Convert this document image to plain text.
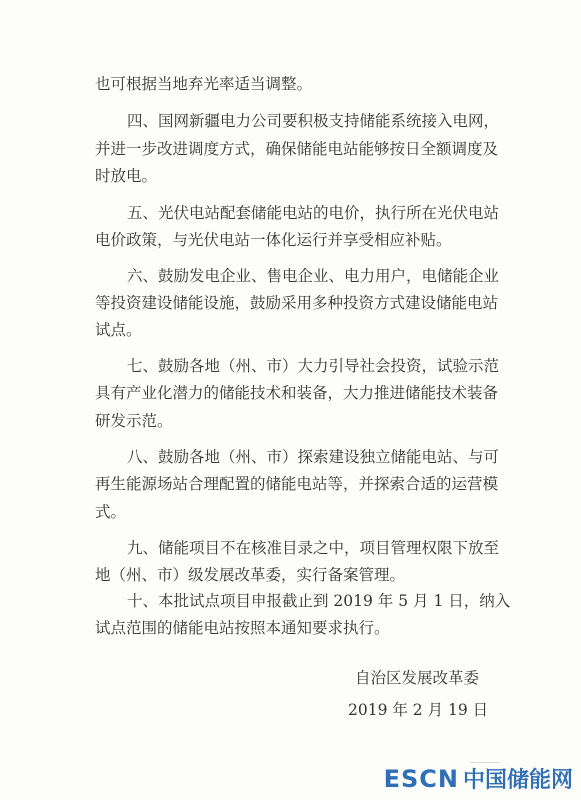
也可根据当地弃光率适当调整。
四、国网新疆电力公司要积极支持储能系统接入电网，
并进一步改进调度方式，确保储能电站能够按日全额调度及
时放电。
五、光伏电站配套储能电站的电价，执行所在光伏电站
电价政策，与光伏电站一体化运行并享受相应补贴。
六、鼓励发电企业、售电企业、电力用户，电储能企业
等投资建设储能设施，鼓励采用多种投资方式建设储能电站
试点。
七、鼓励各地（州、市）大力引导社会投资，试验示范
具有产业化潜力的储能技术和装备，大力推进储能技术装备
研发示范。
八、鼓励各地（州、市）探索建设独立储能电站、与可
再生能源场站合理配置的储能电站等，并探索合适的运营模
式。
九、储能项目不在核准目录之中，项目管理权限下放至
地（州、市）级发展改革委，实行备案管理。
十、本批试点项目申报截止到 2019 年 5 月 1 日，纳入
试点范围的储能电站按照本通知要求执行。
自治区发展改革委
2019 年 2 月 19 日
ESCN 中国储能网
